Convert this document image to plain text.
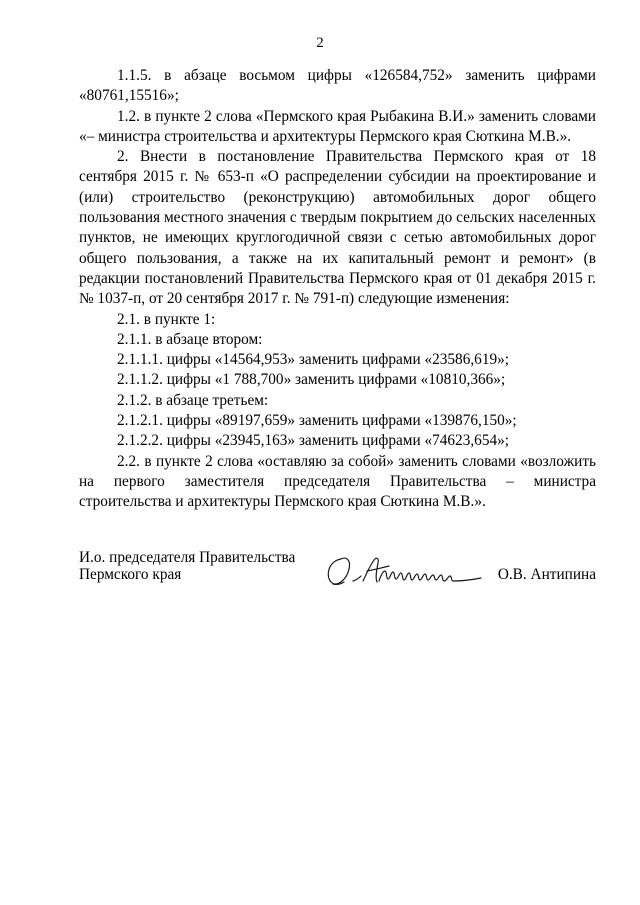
2

1.1.5. в абзаце восьмом цифры «126584,752» заменить цифрами «80761,15516»;

1.2. в пункте 2 слова «Пермского края Рыбакина В.И.» заменить словами «– министра строительства и архитектуры Пермского края Сюткина М.В.».

2. Внести в постановление Правительства Пермского края от 18 сентября 2015 г. № 653-п «О распределении субсидии на проектирование и (или) строительство (реконструкцию) автомобильных дорог общего пользования местного значения с твердым покрытием до сельских населенных пунктов, не имеющих круглогодичной связи с сетью автомобильных дорог общего пользования, а также на их капитальный ремонт и ремонт» (в редакции постановлений Правительства Пермского края от 01 декабря 2015 г. № 1037-п, от 20 сентября 2017 г. № 791-п) следующие изменения:

2.1. в пункте 1:

2.1.1. в абзаце втором:

2.1.1.1. цифры «14564,953» заменить цифрами «23586,619»;

2.1.1.2. цифры «1 788,700» заменить цифрами «10810,366»;

2.1.2. в абзаце третьем:

2.1.2.1. цифры «89197,659» заменить цифрами «139876,150»;

2.1.2.2. цифры «23945,163» заменить цифрами «74623,654»;

2.2. в пункте 2 слова «оставляю за собой» заменить словами «возложить на первого заместителя председателя Правительства – министра строительства и архитектуры Пермского края Сюткина М.В.».

И.о. председателя Правительства
Пермского края	О.В. Антипина
